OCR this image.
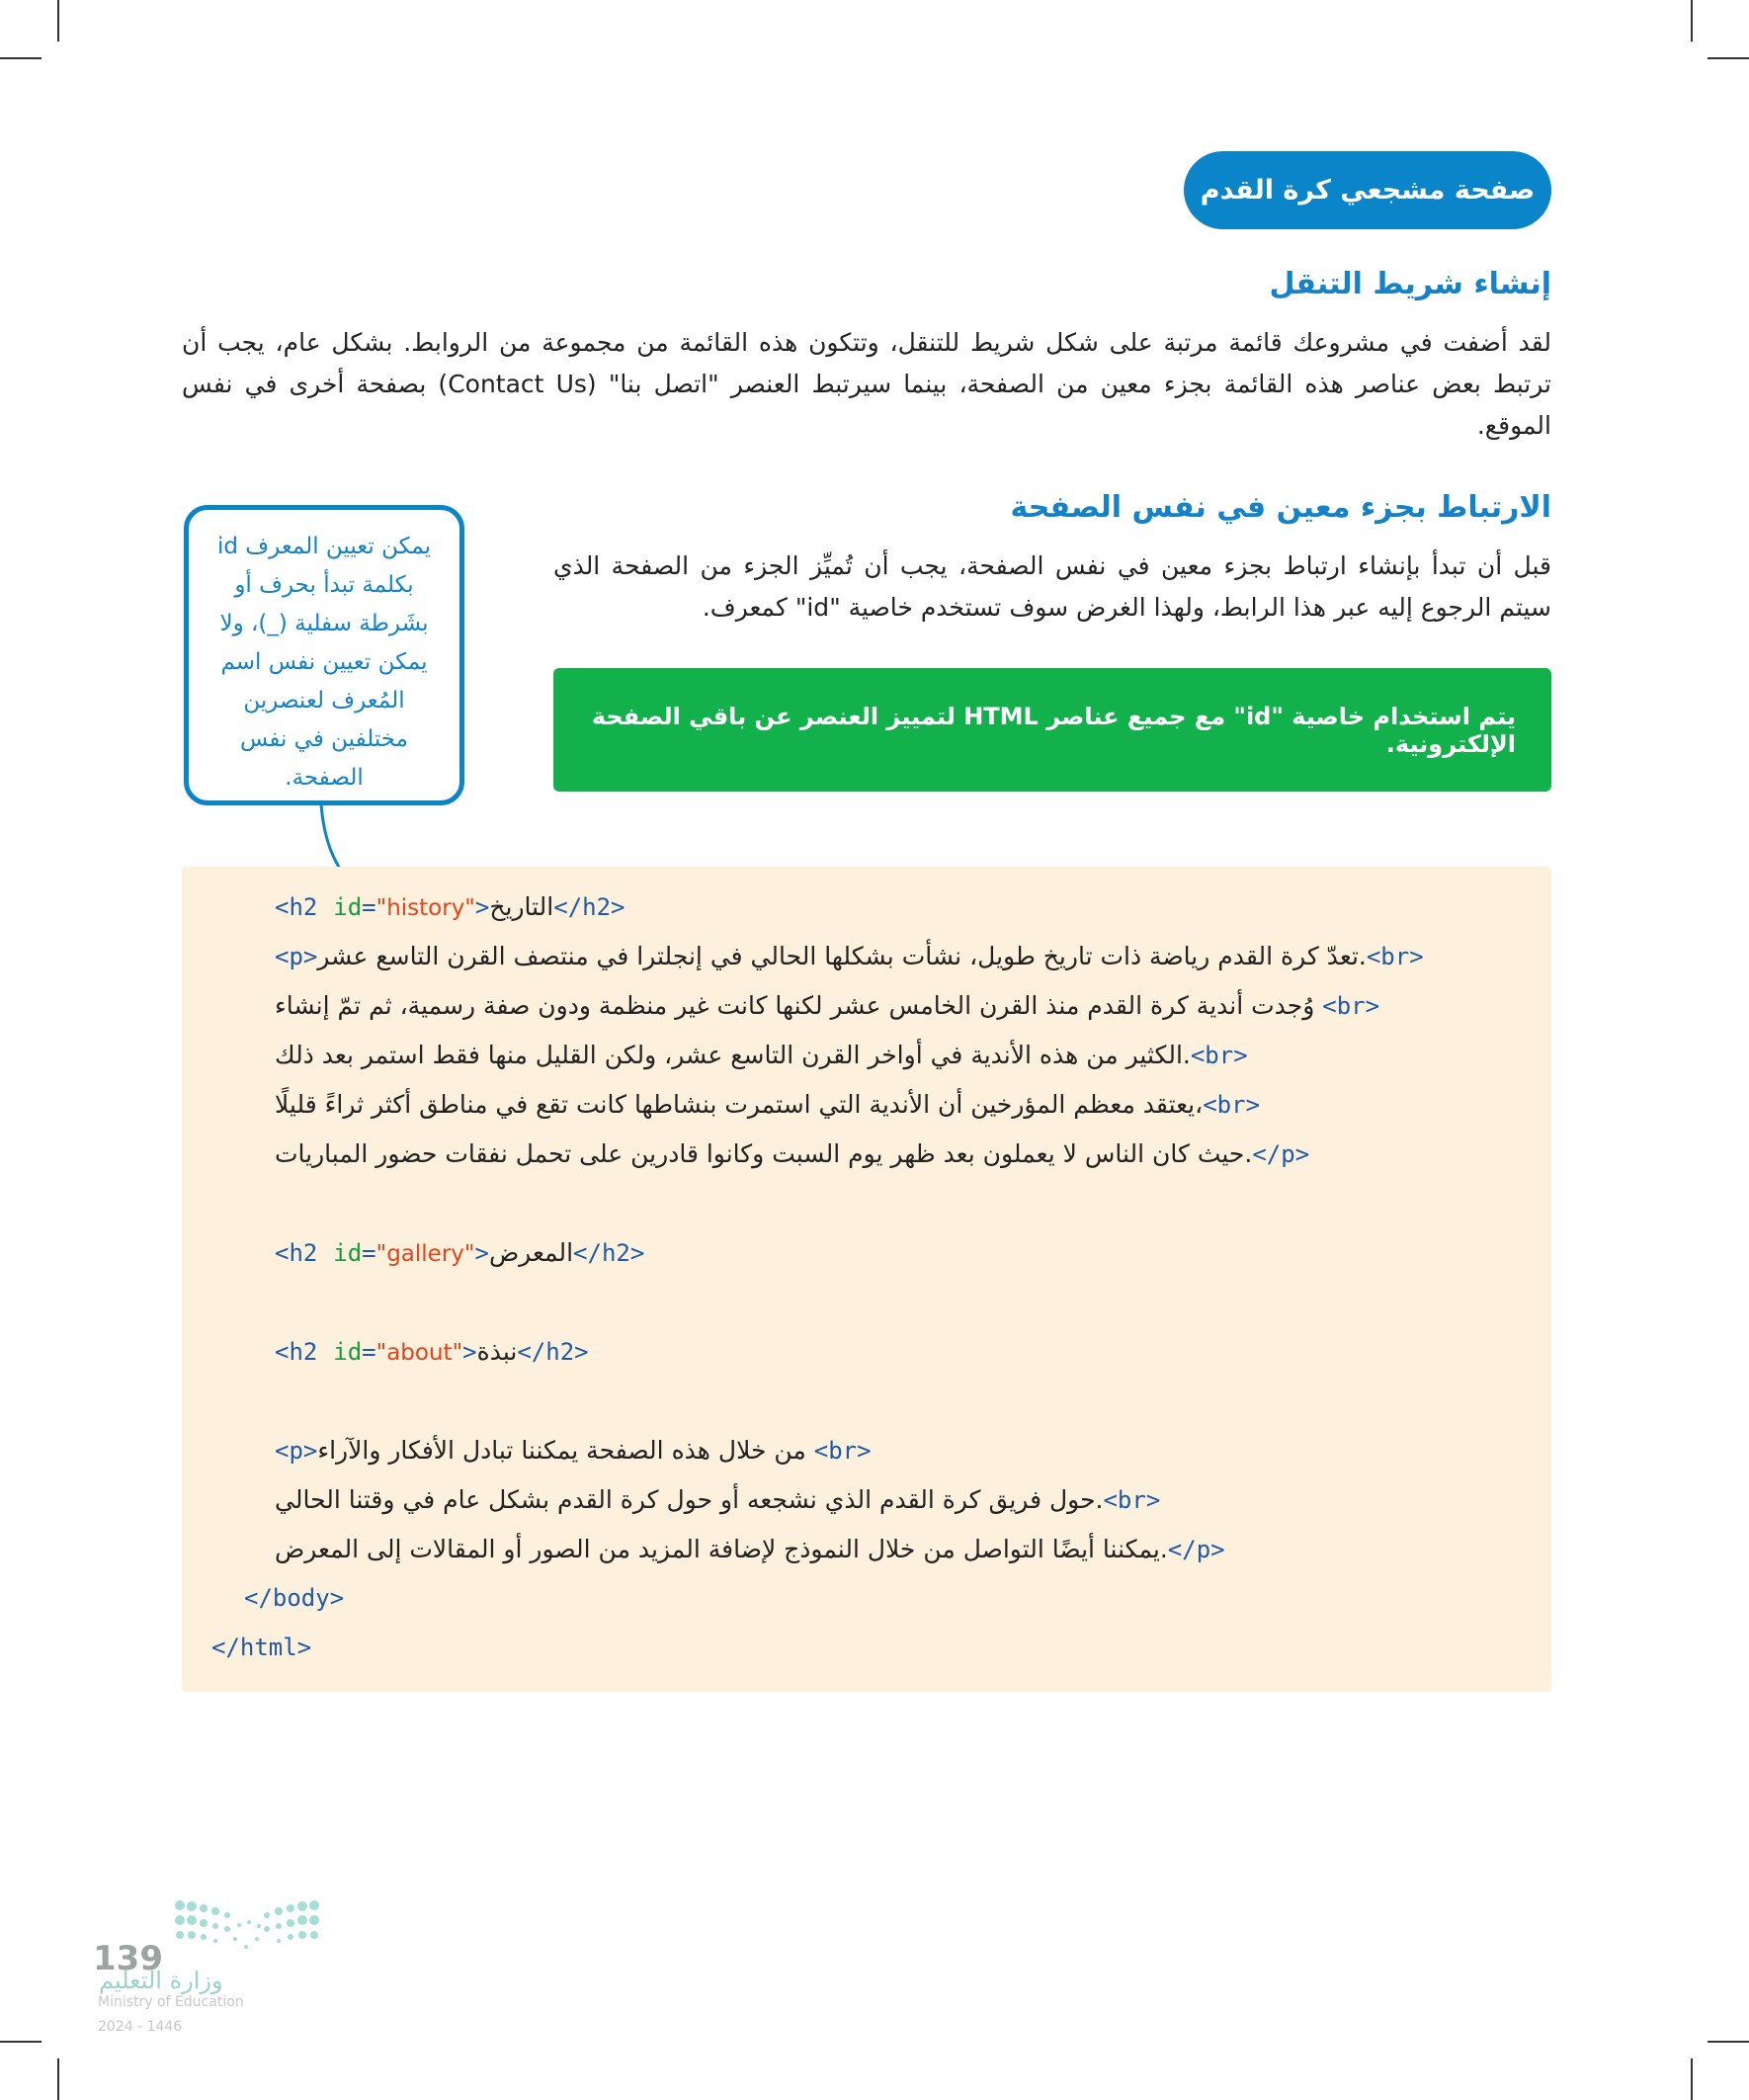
صفحة مشجعي كرة القدم
إنشاء شريط التنقل
لقد أضفت في مشروعك قائمة مرتبة على شكل شريط للتنقل، وتتكون هذه القائمة من مجموعة من الروابط. بشكل عام، يجب أن ترتبط بعض عناصر هذه القائمة بجزء معين من الصفحة، بينما سيرتبط العنصر "اتصل بنا" (Contact Us) بصفحة أخرى في نفس الموقع.
الارتباط بجزء معين في نفس الصفحة
قبل أن تبدأ بإنشاء ارتباط بجزء معين في نفس الصفحة، يجب أن تُميِّز الجزء من الصفحة الذي سيتم الرجوع إليه عبر هذا الرابط، ولهذا الغرض سوف تستخدم خاصية "id" كمعرف.
يتم استخدام خاصية "id" مع جميع عناصر HTML لتمييز العنصر عن باقي الصفحة الإلكترونية.
يمكن تعيين المعرف id بكلمة تبدأ بحرف أو بشَرطة سفلية (_)، ولا يمكن تعيين نفس اسم المُعرف لعنصرين مختلفين في نفس الصفحة.
<h2
id = "history" > التاريخ </h2>
<p> .تعدّ كرة القدم رياضة ذات تاريخ طويل، نشأت بشكلها الحالي في إنجلترا في منتصف القرن التاسع عشر <br>
وُجدت أندية كرة القدم منذ القرن الخامس عشر لكنها كانت غير منظمة ودون صفة رسمية، ثم تمّ إنشاء
<br>
.الكثير من هذه الأندية في أواخر القرن التاسع عشر، ولكن القليل منها فقط استمر بعد ذلك <br>
،يعتقد معظم المؤرخين أن الأندية التي استمرت بنشاطها كانت تقع في مناطق أكثر ثراءً قليلًا <br>
.حيث كان الناس لا يعملون بعد ظهر يوم السبت وكانوا قادرين على تحمل نفقات حضور المباريات </p>
<h2
id = "gallery" > المعرض </h2>
<h2
id = "about" > نبذة </h2>
<p> من خلال هذه الصفحة يمكننا تبادل الأفكار والآراء
<br>
.حول فريق كرة القدم الذي نشجعه أو حول كرة القدم بشكل عام في وقتنا الحالي <br>
.يمكننا أيضًا التواصل من خلال النموذج لإضافة المزيد من الصور أو المقالات إلى المعرض </p>
</body>
</html>
139
وزارة التعليم
Ministry of Education
2024 - 1446
